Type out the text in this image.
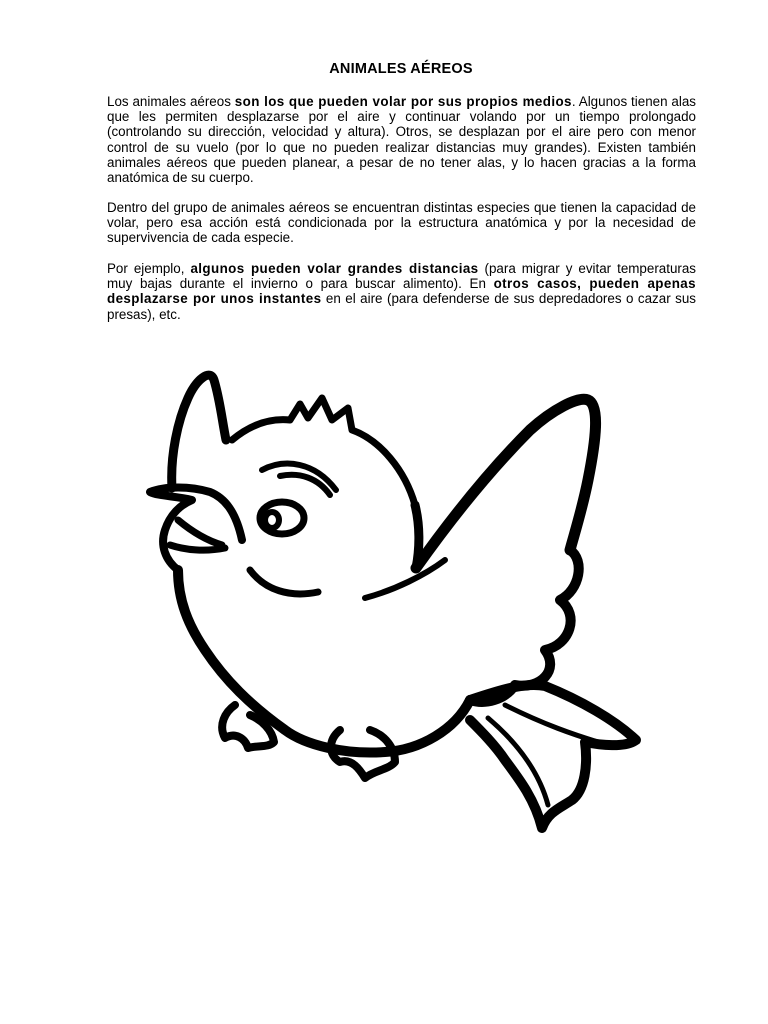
ANIMALES AÉREOS

Los animales aéreos son los que pueden volar por sus propios medios. Algunos tienen alas que les permiten desplazarse por el aire y continuar volando por un tiempo prolongado (controlando su dirección, velocidad y altura). Otros, se desplazan por el aire pero con menor control de su vuelo (por lo que no pueden realizar distancias muy grandes). Existen también animales aéreos que pueden planear, a pesar de no tener alas, y lo hacen gracias a la forma anatómica de su cuerpo.

Dentro del grupo de animales aéreos se encuentran distintas especies que tienen la capacidad de volar, pero esa acción está condicionada por la estructura anatómica y por la necesidad de supervivencia de cada especie.

Por ejemplo, algunos pueden volar grandes distancias (para migrar y evitar temperaturas muy bajas durante el invierno o para buscar alimento). En otros casos, pueden apenas desplazarse por unos instantes en el aire (para defenderse de sus depredadores o cazar sus presas), etc.
